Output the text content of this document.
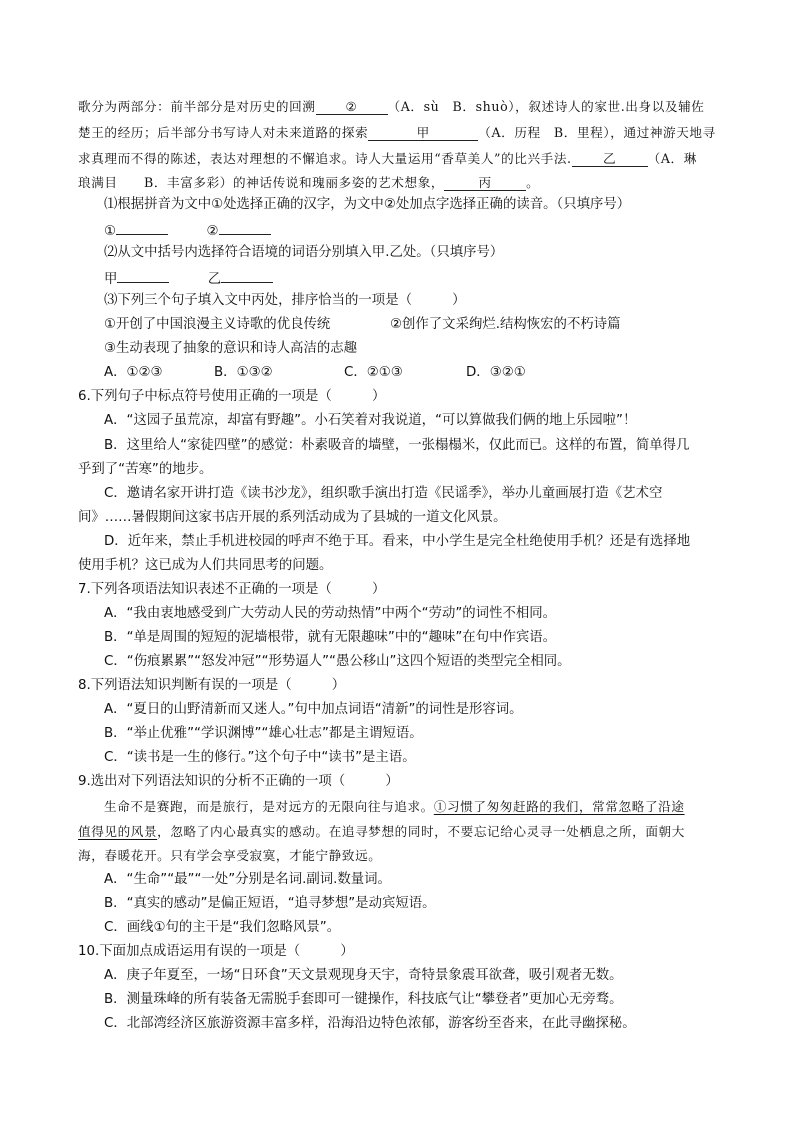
歌分为两部分：前半部分是对历史的回溯 ② （A．sù　B．shuò），叙述诗人的家世.出身以及辅佐
楚王的经历；后半部分书写诗人对未来道路的探索	甲	（A．历程　B．里程），通过神游天地寻
求真理而不得的陈述，表达对理想的不懈追求。诗人大量运用“香草美人”的比兴手法. 乙 （A．琳
琅满目　　B．丰富多彩）的神话传说和瑰丽多姿的艺术想象，	丙	。
⑴根据拼音为文中①处选择正确的汉字，为文中②处加点字选择正确的读音。（只填序号）
①	②
⑵从文中括号内选择符合语境的词语分别填入甲.乙处。（只填序号）
甲	乙
⑶下列三个句子填入文中丙处，排序恰当的一项是（　　　）
①开创了中国浪漫主义诗歌的优良传统	②创作了文采绚烂.结构恢宏的不朽诗篇
③生动表现了抽象的意识和诗人高洁的志趣
A．①②③	B．①③②	C．②①③	D．③②①
6.下列句子中标点符号使用正确的一项是（　　　）
A．“这园子虽荒凉，却富有野趣”。小石笑着对我说道，“可以算做我们俩的地上乐园啦”！
B．这里给人“家徒四壁”的感觉：朴素吸音的墙壁，一张榻榻米，仅此而已。这样的布置，简单得几
乎到了“苦寒”的地步。
C．邀请名家开讲打造《读书沙龙》，组织歌手演出打造《民谣季》，举办儿童画展打造《艺术空
间》……暑假期间这家书店开展的系列活动成为了县城的一道文化风景。
D．近年来，禁止手机进校园的呼声不绝于耳。看来，中小学生是完全杜绝使用手机？还是有选择地
使用手机？这已成为人们共同思考的问题。
7.下列各项语法知识表述不正确的一项是（　　　）
A．“我由衷地感受到广大劳动人民的劳动热情”中两个“劳动”的词性不相同。
B．“单是周围的短短的泥墙根带，就有无限趣味”中的“趣味”在句中作宾语。
C．“伤痕累累”“怒发冲冠”“形势逼人”“愚公移山”这四个短语的类型完全相同。
8.下列语法知识判断有误的一项是（　　　）
A．“夏日的山野清新而又迷人。”句中加点词语“清新”的词性是形容词。
B．“举止优雅”“学识渊博”“雄心壮志”都是主谓短语。
C．“读书是一生的修行。”这个句子中“读书”是主语。
9.选出对下列语法知识的分析不正确的一项（　　　）
生命不是赛跑，而是旅行，是对远方的无限向往与追求。①习惯了匆匆赶路的我们，常常忽略了沿途
值得见的风景，忽略了内心最真实的感动。在追寻梦想的同时，不要忘记给心灵寻一处栖息之所，面朝大
海，春暖花开。只有学会享受寂寞，才能宁静致远。
A．“生命”“最”“一处”分别是名词.副词.数量词。
B．“真实的感动”是偏正短语，“追寻梦想”是动宾短语。
C．画线①句的主干是“我们忽略风景”。
10.下面加点成语运用有误的一项是（　　　）
A．庚子年夏至，一场“日环食”天文景观现身天宇，奇特景象震耳欲聋，吸引观者无数。
B．测量珠峰的所有装备无需脱手套即可一键操作，科技底气让“攀登者”更加心无旁骛。
C．北部湾经济区旅游资源丰富多样，沿海沿边特色浓郁，游客纷至沓来，在此寻幽探秘。
